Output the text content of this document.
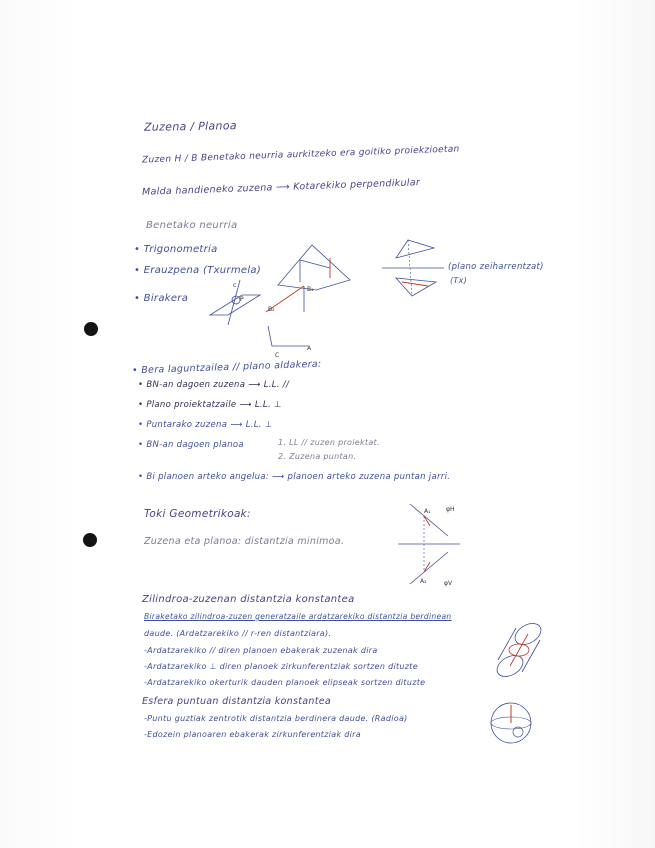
Zuzena / Planoa
Zuzen H / B Benetako neurria aurkitzeko era goitiko proiekzioetan
Malda handieneko zuzena ⟶ Kotarekiko perpendikular
Benetako neurria
• Trigonometria
• Erauzpena (Txurmela)
• Birakera
(plano zeiharrentzat)
(Tx)
c
P
B₁
B₂
A
C
• Bera laguntzailea // plano aldakera:
• BN-an dagoen zuzena ⟶ L.L. //
• Plano proiektatzaile ⟶ L.L. ⊥
• Puntarako zuzena ⟶ L.L. ⊥
• BN-an dagoen planoa	1. LL // zuzen proiektat.
2. Zuzena puntan.
• Bi planoen arteko angelua: ⟶ planoen arteko zuzena puntan jarri.
Toki Geometrikoak:
Zuzena eta planoa: distantzia minimoa.
A₁
A₂
φH
φV
Zilindroa-zuzenan distantzia konstantea
Biraketako zilindroa-zuzen generatzaile ardatzarekiko distantzia berdinean
daude. (Ardatzarekiko // r-ren distantziara).
-Ardatzarekiko // diren planoen ebakerak zuzenak dira
-Ardatzarekiko ⊥ diren planoek zirkunferentziak sortzen dituzte
-Ardatzarekiko okerturik dauden planoek elipseak sortzen dituzte
Esfera puntuan distantzia konstantea
-Puntu guztiak zentrotik distantzia berdinera daude. (Radioa)
-Edozein planoaren ebakerak zirkunferentziak dira
